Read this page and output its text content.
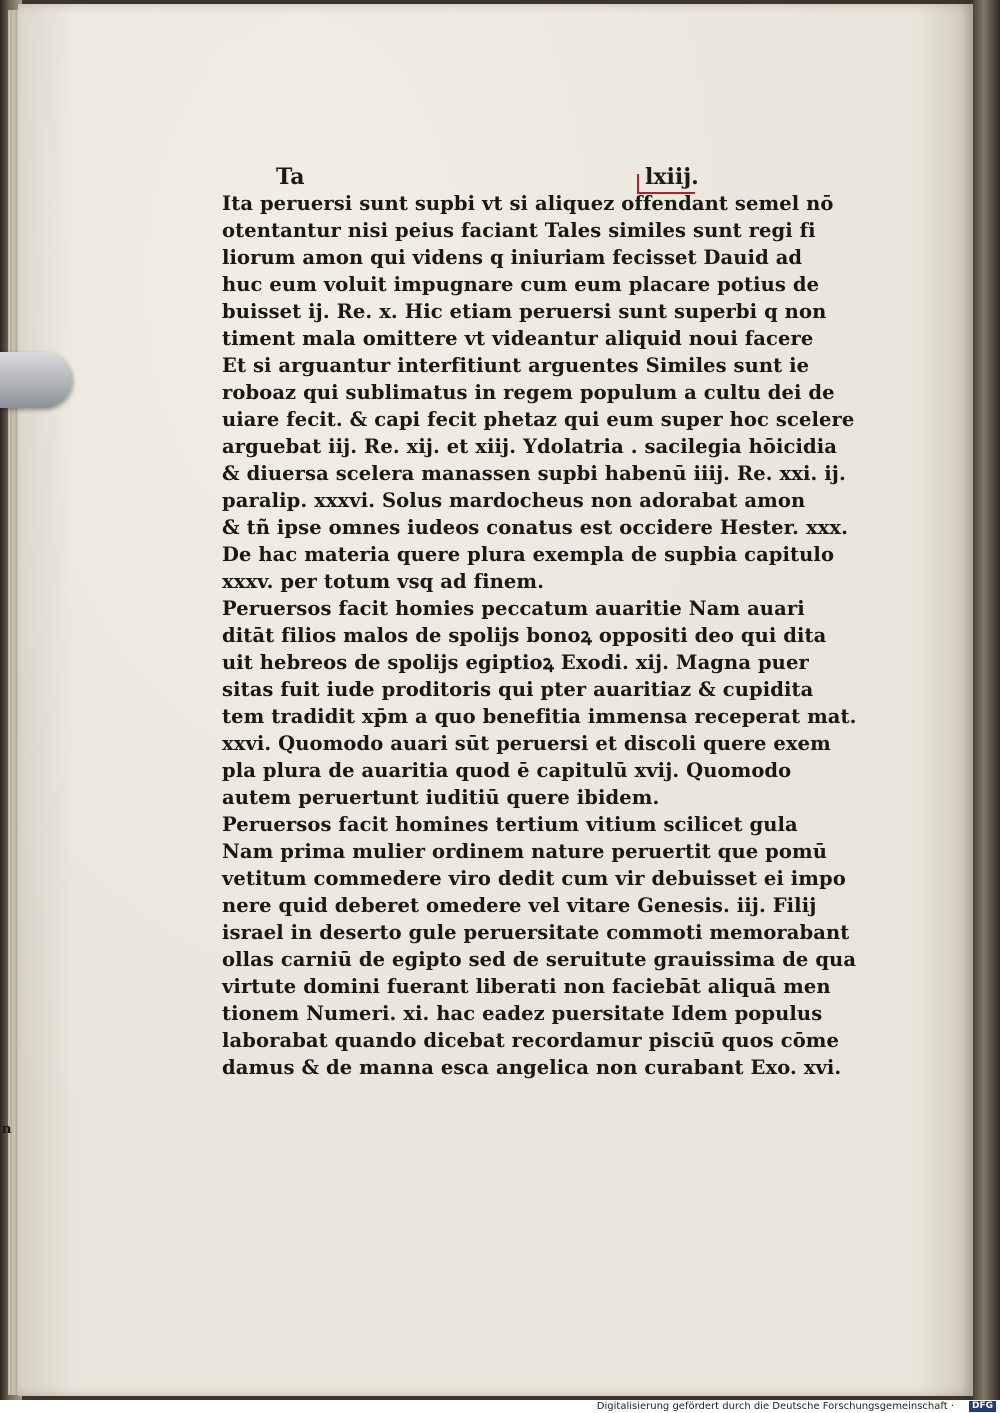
n
Ta	lxiij.
Ita peruersi sunt supbi vt si aliquez offendant semel nō
otentantur nisi peius faciant Tales similes sunt regi fi
liorum amon qui videns q iniuriam fecisset Dauid ad
huc eum voluit impugnare cum eum placare potius de
buisset ij. Re. x. Hic etiam peruersi sunt superbi q non
timent mala omittere vt videantur aliquid noui facere
Et si arguantur interfitiunt arguentes Similes sunt ie
roboaz qui sublimatus in regem populum a cultu dei de
uiare fecit. & capi fecit phetaz qui eum super hoc scelere
arguebat iij. Re. xij. et xiij. Ydolatria . sacilegia hōicidia
& diuersa scelera manassen supbi habenū iiij. Re. xxi. ij.
paralip. xxxvi. Solus mardocheus non adorabat amon
& tñ ipse omnes iudeos conatus est occidere Hester. xxx.
De hac materia quere plura exempla de supbia capitulo
xxxv. per totum vsq ad finem.
Peruersos facit homies peccatum auaritie Nam auari
ditāt filios malos de spolijs bonoꝝ oppositi deo qui dita
uit hebreos de spolijs egiptioꝝ Exodi. xij. Magna puer
sitas fuit iude proditoris qui pter auaritiaz & cupidita
tem tradidit xp̄m a quo benefitia immensa receperat mat.
xxvi. Quomodo auari sūt peruersi et discoli quere exem
pla plura de auaritia quod ē capitulū xvij. Quomodo
autem peruertunt iuditiū quere ibidem.
Peruersos facit homines tertium vitium scilicet gula
Nam prima mulier ordinem nature peruertit que pomū
vetitum commedere viro dedit cum vir debuisset ei impo
nere quid deberet omedere vel vitare Genesis. iij. Filij
israel in deserto gule peruersitate commoti memorabant
ollas carniū de egipto sed de seruitute grauissima de qua
virtute domini fuerant liberati non faciebāt aliquā men
tionem Numeri. xi. hac eadez puersitate Idem populus
laborabat quando dicebat recordamur pisciū quos cōme
damus & de manna esca angelica non curabant Exo. xvi.
Digitalisierung gefördert durch die Deutsche Forschungsgemeinschaft ·	DFG
